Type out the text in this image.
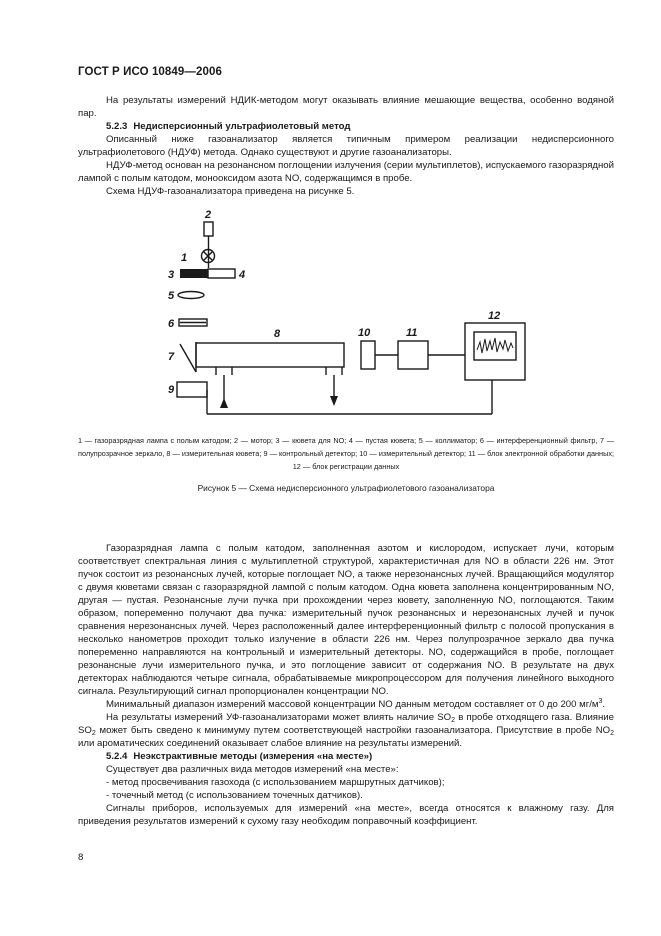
ГОСТ Р ИСО 10849—2006

На результаты измерений НДИК-методом могут оказывать влияние мешающие вещества, особенно водяной пар.

5.2.3 Недисперсионный ультрафиолетовый метод

Описанный ниже газоанализатор является типичным примером реализации недисперсионного ультрафиолетового (НДУФ) метода. Однако существуют и другие газоанализаторы.

НДУФ-метод основан на резонансном поглощении излучения (серии мультиплетов), испускаемого газоразрядной лампой с полым катодом, монооксидом азота NO, содержащимся в пробе.

Схема НДУФ-газоанализатора приведена на рисунке 5.

2
1
3	4
5
6
7
8
9
10	11
12
1 — газоразрядная лампа с полым катодом; 2 — мотор; 3 — кювета для NO; 4 — пустая кювета; 5 — коллиматор; 6 — интерференционный фильтр, 7 — полупрозрачное зеркало, 8 — измерительная кювета; 9 — контрольный детектор; 10 — измерительный детектор; 11 — блок электронной обработки данных; 12 — блок регистрации данных
Рисунок 5 — Схема недисперсионного ультрафиолетового газоанализатора

Газоразрядная лампа с полым катодом, заполненная азотом и кислородом, испускает лучи, которым соответствует спектральная линия с мультиплетной структурой, характеристичная для NO в области 226 нм. Этот пучок состоит из резонансных лучей, которые поглощает NO, а также нерезонансных лучей. Вращающийся модулятор с двумя кюветами связан с газоразрядной лампой с полым катодом. Одна кювета заполнена концентрированным NO, другая — пустая. Резонансные лучи пучка при прохождении через кювету, заполненную NO, поглощаются. Таким образом, попеременно получают два пучка: измерительный пучок резонансных и нерезонансных лучей и пучок сравнения нерезонансных лучей. Через расположенный далее интерференционный фильтр с полосой пропускания в несколько нанометров проходит только излучение в области 226 нм. Через полупрозрачное зеркало два пучка попеременно направляются на контрольный и измерительный детекторы. NO, содержащийся в пробе, поглощает резонансные лучи измерительного пучка, и это поглощение зависит от содержания NO. В результате на двух детекторах наблюдаются четыре сигнала, обрабатываемые микропроцессором для получения линейного выходного сигнала. Результирующий сигнал пропорционален концентрации NO.

Минимальный диапазон измерений массовой концентрации NO данным методом составляет от 0 до 200 $мг/м^3$.

На результаты измерений УФ-газоанализаторами может влиять наличие $SO_2$ в пробе отходящего газа. Влияние $SO_2$ может быть сведено к минимуму путем соответствующей настройки газоанализатора. Присутствие в пробе $NO_2$ или ароматических соединений оказывает слабое влияние на результаты измерений.

5.2.4 Неэкстрактивные методы (измерения «на месте»)

Существует два различных вида методов измерений «на месте»:

- метод просвечивания газохода (с использованием маршрутных датчиков);

- точечный метод (с использованием точечных датчиков).

Сигналы приборов, используемых для измерений «на месте», всегда относятся к влажному газу. Для приведения результатов измерений к сухому газу необходим поправочный коэффициент.

8
